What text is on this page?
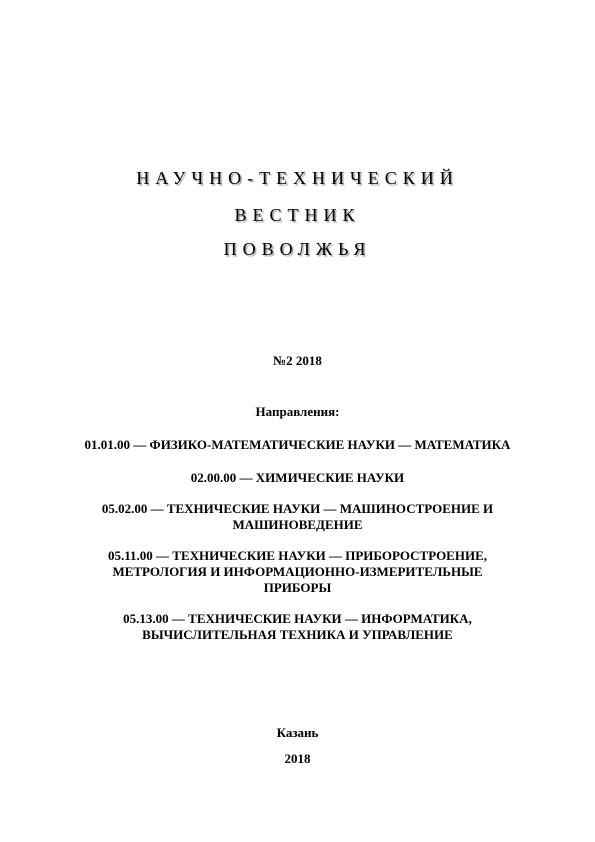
НАУЧНО-ТЕХНИЧЕСКИЙ
ВЕСТНИК
ПОВОЛЖЬЯ
№2 2018
Направления:
01.01.00 — ФИЗИКО-МАТЕМАТИЧЕСКИЕ НАУКИ — МАТЕМАТИКА
02.00.00 — ХИМИЧЕСКИЕ НАУКИ
05.02.00 — ТЕХНИЧЕСКИЕ НАУКИ — МАШИНОСТРОЕНИЕ И
МАШИНОВЕДЕНИЕ
05.11.00 — ТЕХНИЧЕСКИЕ НАУКИ — ПРИБОРОСТРОЕНИЕ,
МЕТРОЛОГИЯ И ИНФОРМАЦИОННО-ИЗМЕРИТЕЛЬНЫЕ
ПРИБОРЫ
05.13.00 — ТЕХНИЧЕСКИЕ НАУКИ — ИНФОРМАТИКА,
ВЫЧИСЛИТЕЛЬНАЯ ТЕХНИКА И УПРАВЛЕНИЕ
Казань
2018
